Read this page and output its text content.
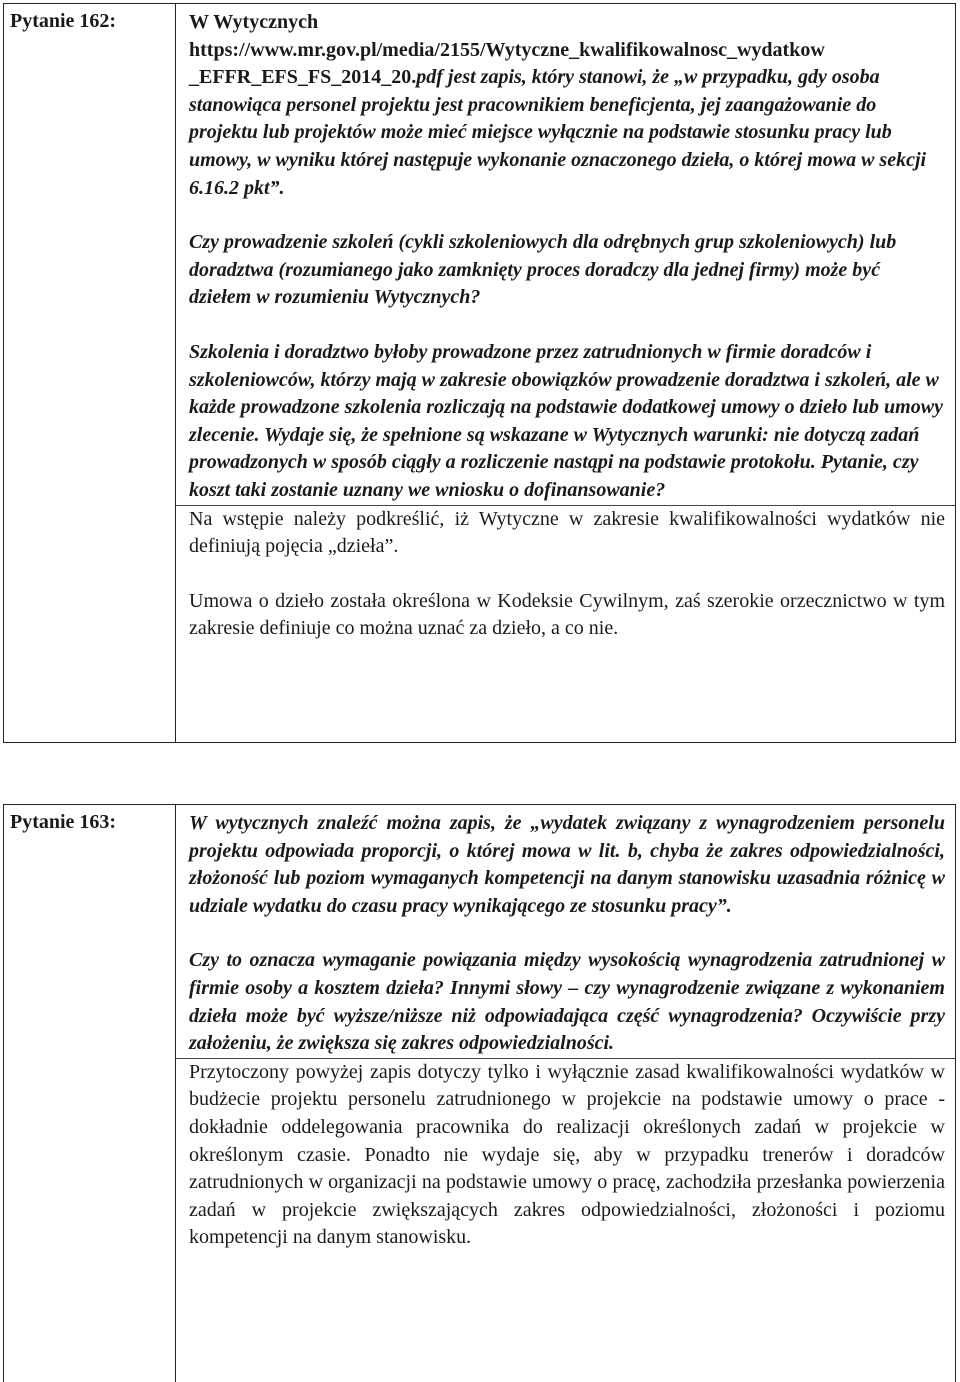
Pytanie 162:	W Wytycznych

https://www.mr.gov.pl/media/2155/Wytyczne_kwalifikowalnosc_wydatkow

_EFFR_EFS_FS_2014_20.pdf jest zapis, który stanowi, że „w przypadku, gdy osoba stanowiąca personel projektu jest pracownikiem beneficjenta, jej zaangażowanie do projektu lub projektów może mieć miejsce wyłącznie na podstawie stosunku pracy lub umowy, w wyniku której następuje wykonanie oznaczonego dzieła, o której mowa w sekcji 6.16.2 pkt”.

Czy prowadzenie szkoleń (cykli szkoleniowych dla odrębnych grup szkoleniowych) lub doradztwa (rozumianego jako zamknięty proces doradczy dla jednej firmy) może być dziełem w rozumieniu Wytycznych?

Szkolenia i doradztwo byłoby prowadzone przez zatrudnionych w firmie doradców i szkoleniowców, którzy mają w zakresie obowiązków prowadzenie doradztwa i szkoleń, ale w każde prowadzone szkolenia rozliczają na podstawie dodatkowej umowy o dzieło lub umowy zlecenie. Wydaje się, że spełnione są wskazane w Wytycznych warunki: nie dotyczą zadań prowadzonych w sposób ciągły a rozliczenie nastąpi na podstawie protokołu. Pytanie, czy koszt taki zostanie uznany we wniosku o dofinansowanie?

Na wstępie należy podkreślić, iż Wytyczne w zakresie kwalifikowalności wydatków nie definiują pojęcia „dzieła”.

Umowa o dzieło została określona w Kodeksie Cywilnym, zaś szerokie orzecznictwo w tym zakresie definiuje co można uznać za dzieło, a co nie.

Pytanie 163:	W wytycznych znaleźć można zapis, że „wydatek związany z wynagrodzeniem personelu projektu odpowiada proporcji, o której mowa w lit. b, chyba że zakres odpowiedzialności, złożoność lub poziom wymaganych kompetencji na danym stanowisku uzasadnia różnicę w udziale wydatku do czasu pracy wynikającego ze stosunku pracy”.

Czy to oznacza wymaganie powiązania między wysokością wynagrodzenia zatrudnionej w firmie osoby a kosztem dzieła? Innymi słowy – czy wynagrodzenie związane z wykonaniem dzieła może być wyższe/niższe niż odpowiadająca część wynagrodzenia? Oczywiście przy założeniu, że zwiększa się zakres odpowiedzialności.

Przytoczony powyżej zapis dotyczy tylko i wyłącznie zasad kwalifikowalności wydatków w budżecie projektu personelu zatrudnionego w projekcie na podstawie umowy o prace - dokładnie oddelegowania pracownika do realizacji określonych zadań w projekcie w określonym czasie. Ponadto nie wydaje się, aby w przypadku trenerów i doradców zatrudnionych w organizacji na podstawie umowy o pracę, zachodziła przesłanka powierzenia zadań w projekcie zwiększających zakres odpowiedzialności, złożoności i poziomu kompetencji na danym stanowisku.
